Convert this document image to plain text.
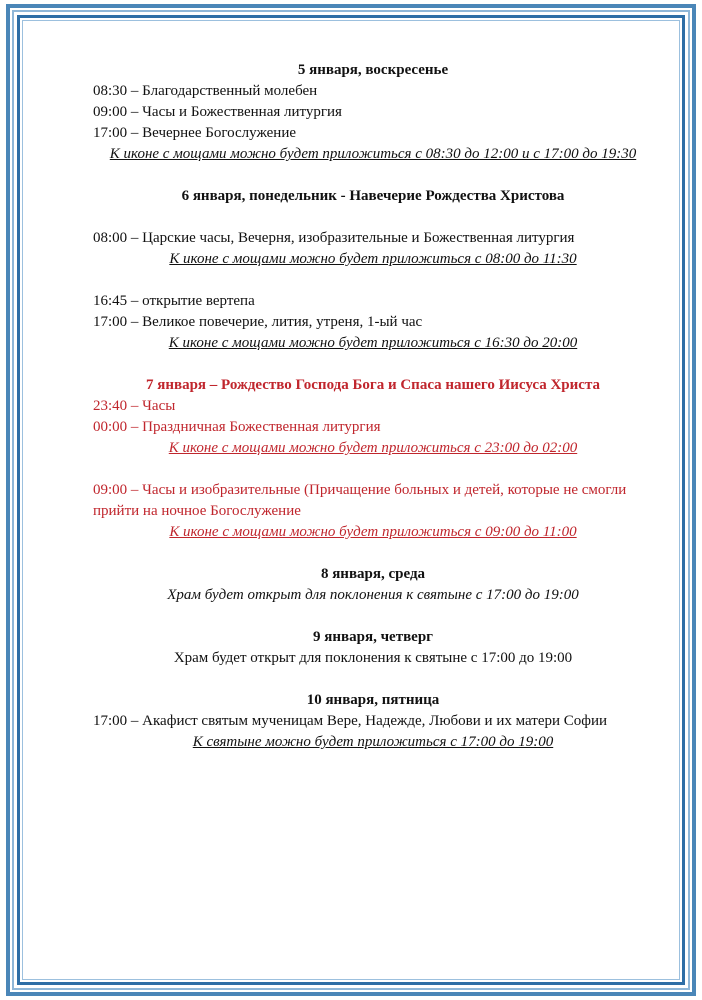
5 января, воскресенье
08:30 – Благодарственный молебен
09:00 – Часы и Божественная литургия
17:00 – Вечернее Богослужение
К иконе с мощами можно будет приложиться с 08:30 до 12:00 и с 17:00 до 19:30
6 января, понедельник - Навечерие Рождества Христова
08:00 – Царские часы, Вечерня, изобразительные и Божественная литургия
К иконе с мощами можно будет приложиться с 08:00 до 11:30
16:45 – открытие вертепа
17:00 – Великое повечерие, лития, утреня, 1-ый час
К иконе с мощами можно будет приложиться с 16:30 до 20:00
7 января – Рождество Господа Бога и Спаса нашего Иисуса Христа
23:40 – Часы
00:00 – Праздничная Божественная литургия
К иконе с мощами можно будет приложиться с 23:00 до 02:00
09:00 – Часы и изобразительные (Причащение больных и детей, которые не смогли прийти на ночное Богослужение
К иконе с мощами можно будет приложиться с 09:00 до 11:00
8 января, среда
Храм будет открыт для поклонения к святыне с 17:00 до 19:00
9 января, четверг
Храм будет открыт для поклонения к святыне с 17:00 до 19:00
10 января, пятница
17:00 – Акафист святым мученицам Вере, Надежде, Любови и их матери Софии
К святыне можно будет приложиться с 17:00 до 19:00
